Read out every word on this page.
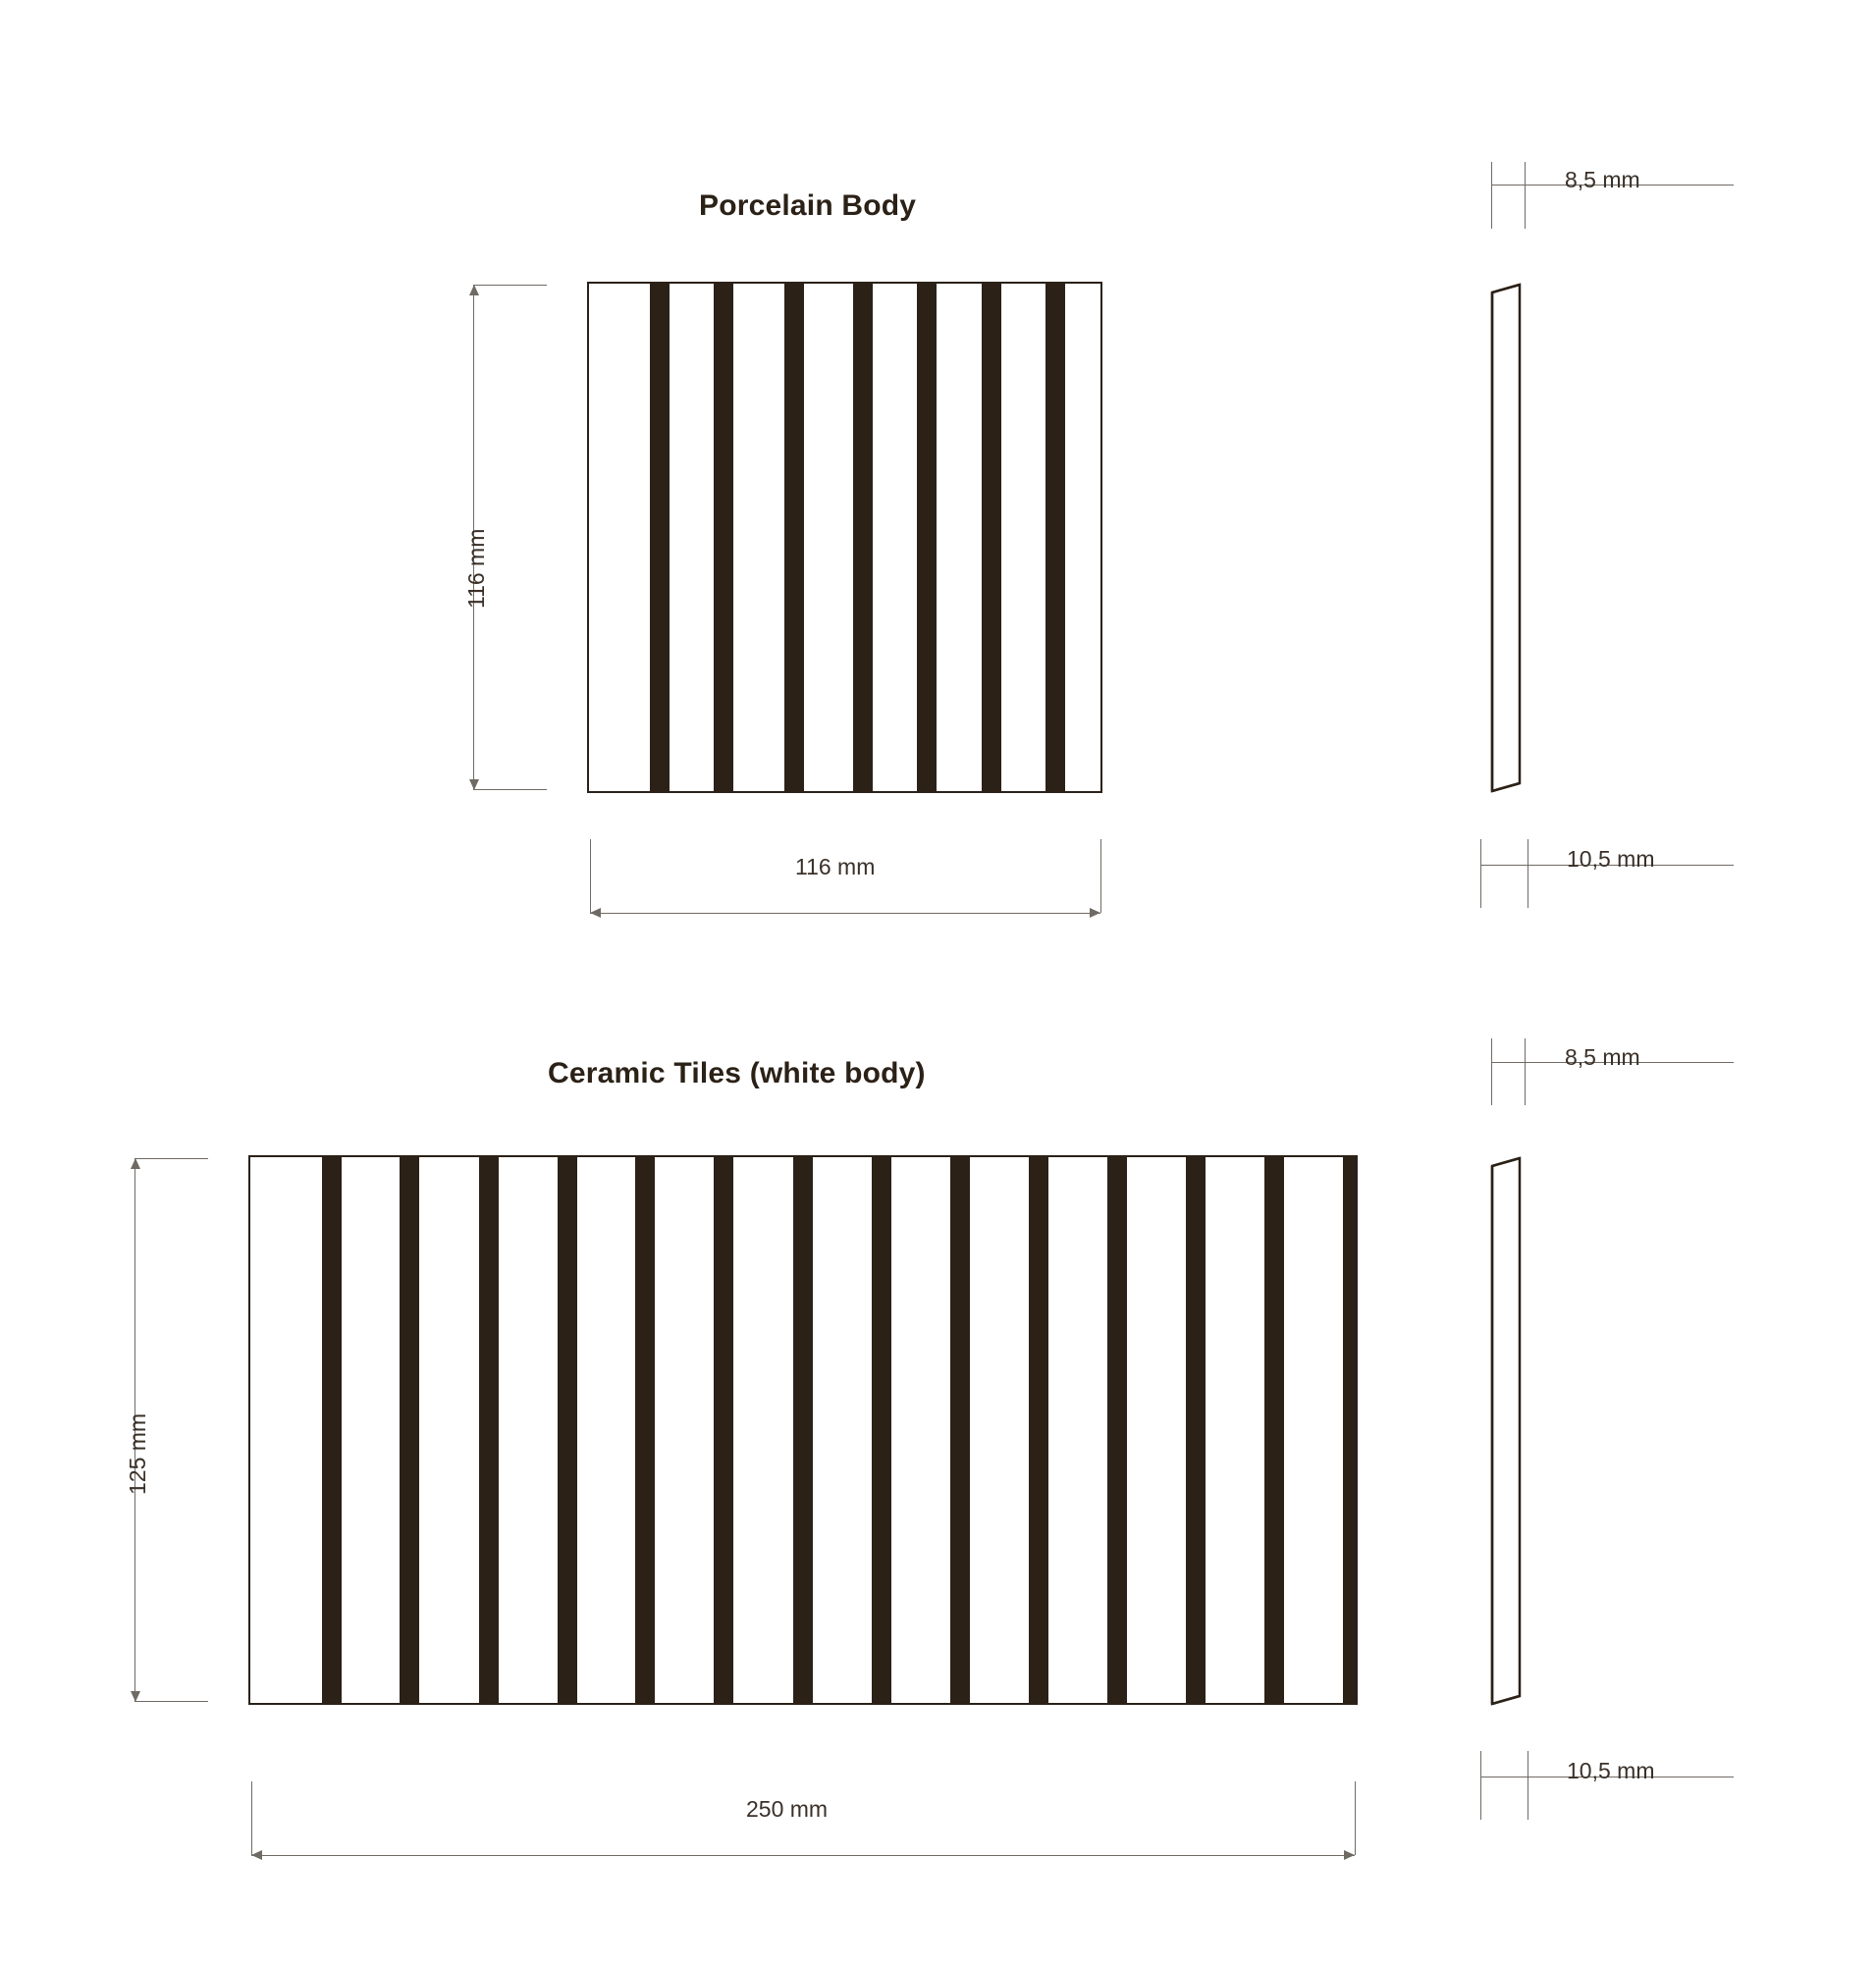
Porcelain Body
116 mm
116 mm
8,5 mm
10,5 mm
Ceramic Tiles (white body)
125 mm
250 mm
8,5 mm
10,5 mm
